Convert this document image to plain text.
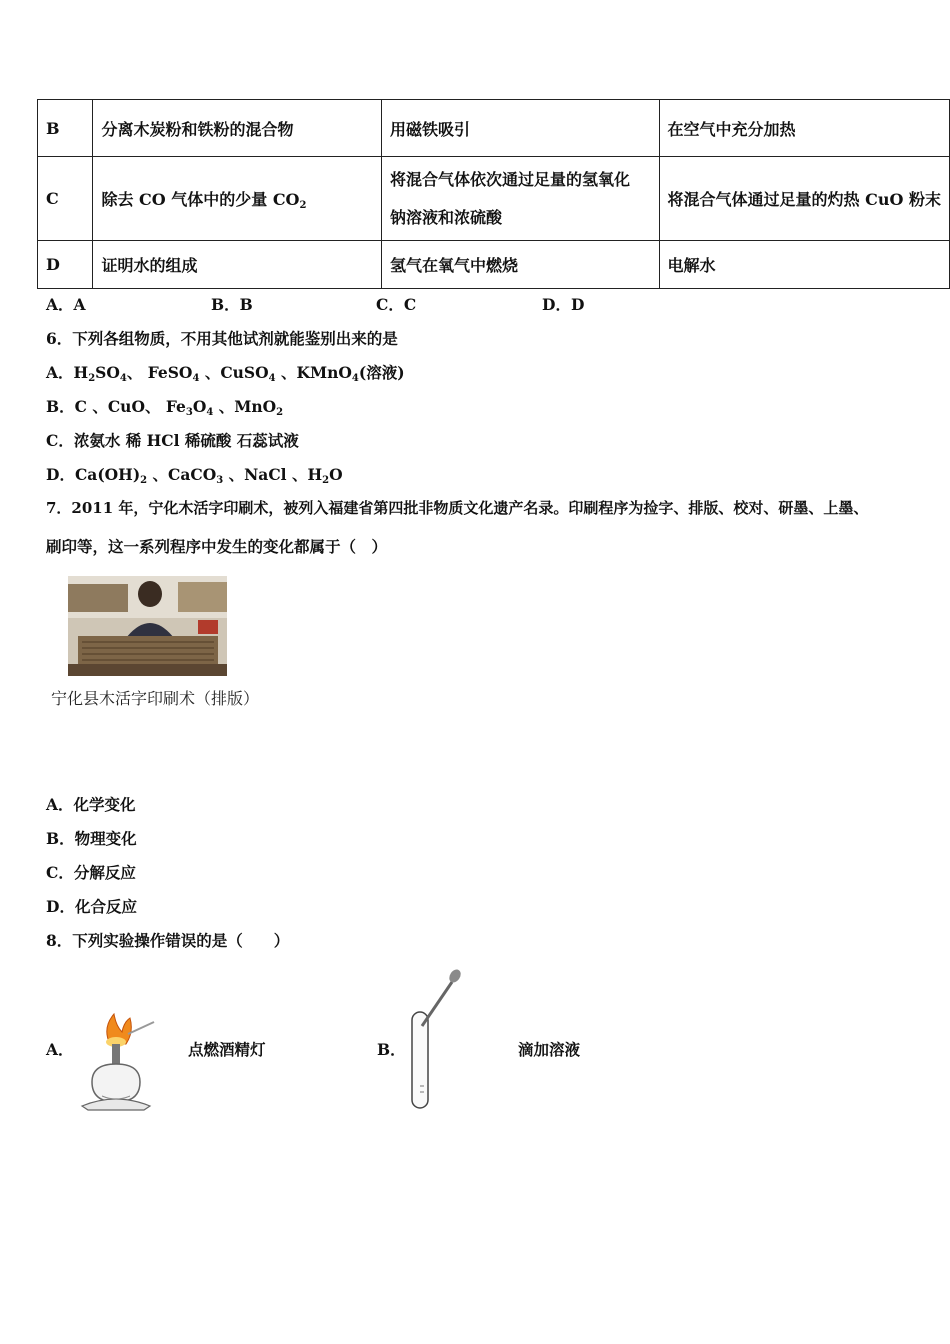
B	分离木炭粉和铁粉的混合物	用磁铁吸引	在空气中充分加热
C	除去 CO 气体中的少量 $CO_2$	将混合气体依次通过足量的氢氧化
钠溶液和浓硫酸	将混合气体通过足量的灼热 CuO 粉末
D	证明水的组成	氢气在氧气中燃烧	电解水
A．A	B．B	C．C	D．D
6．下列各组物质，不用其他试剂就能鉴别出来的是
A．$H_2SO_4$、 FeSO$_4$ 、CuSO$_4$ 、KMnO$_4$(溶液)
B．C 、CuO、 $Fe_3O_4$ 、MnO$_2$
C．浓氨水 稀 HCl 稀硫酸 石蕊试液
D．$Ca(OH)_2$ 、CaCO$_3$ 、NaCl 、$H_2O$
7．2011 年，宁化木活字印刷术，被列入福建省第四批非物质文化遗产名录。印刷程序为捡字、排版、校对、研墨、上墨、
刷印等，这一系列程序中发生的变化都属于（　）
宁化县木活字印刷术（排版）
A．化学变化
B．物理变化
C．分解反应
D．化合反应
8．下列实验操作错误的是（　　）
A．	点燃酒精灯	B．	滴加溶液
